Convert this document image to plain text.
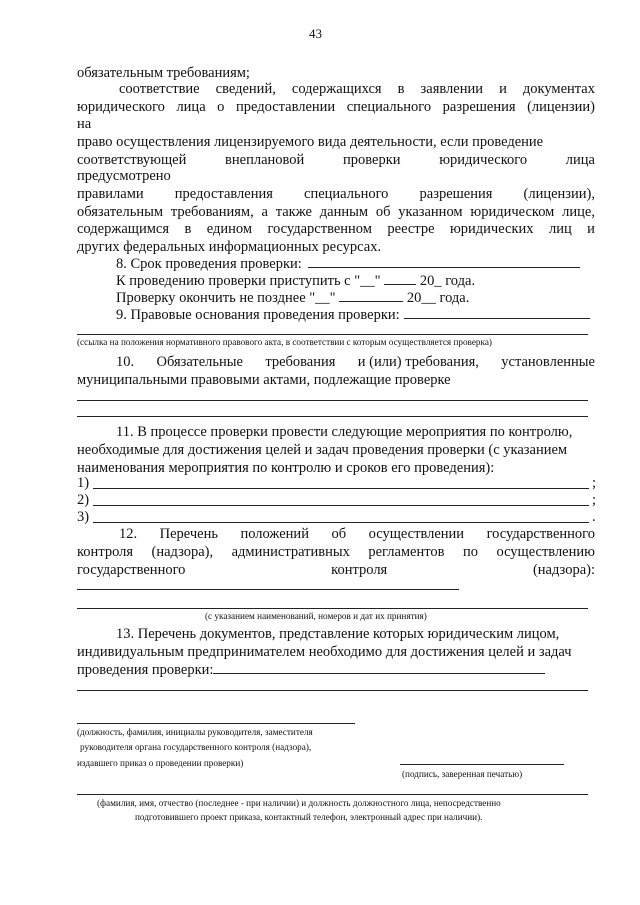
43
обязательным требованиям;
соответствие сведений, содержащихся в заявлении и документах
юридического лица о предоставлении специального разрешения (лицензии)
на
право осуществления лицензируемого вида деятельности, если проведение
соответствующей	внеплановой	проверки	юридического	лица
предусмотрено
правилами предоставления специального разрешения (лицензии),
обязательным требованиям, а также данным об указанном юридическом лице,
содержащимся в едином государственном реестре юридических лиц и
других федеральных информационных ресурсах.
8. Срок проведения проверки:
К проведению проверки приступить с "__"	20_ года.
Проверку окончить не позднее "__"	20__ года.
9. Правовые основания проведения проверки:
(ссылка на положения нормативного правового акта, в соответствии с которым осуществляется проверка)
10. Обязательные требования и (или) требования, установленные
муниципальными правовыми актами, подлежащие проверке
11. В процессе проверки провести следующие мероприятия по контролю,
необходимые для достижения целей и задач проведения проверки (с указанием
наименования мероприятия по контролю и сроков его проведения):
1)	;
2)	;
3)	.
12. Перечень положений об осуществлении государственного
контроля (надзора), административных регламентов по осуществлению
государственного	контроля	(надзора):
(с указанием наименований, номеров и дат их принятия)
13. Перечень документов, представление которых юридическим лицом,
индивидуальным предпринимателем необходимо для достижения целей и задач
проведения проверки:
(должность, фамилия, инициалы руководителя, заместителя
руководителя органа государственного контроля (надзора),
издавшего приказ о проведении проверки)
(подпись, заверенная печатью)
(фамилия, имя, отчество (последнее - при наличии) и должность должностного лица, непосредственно
подготовившего проект приказа, контактный телефон, электронный адрес при наличии).
